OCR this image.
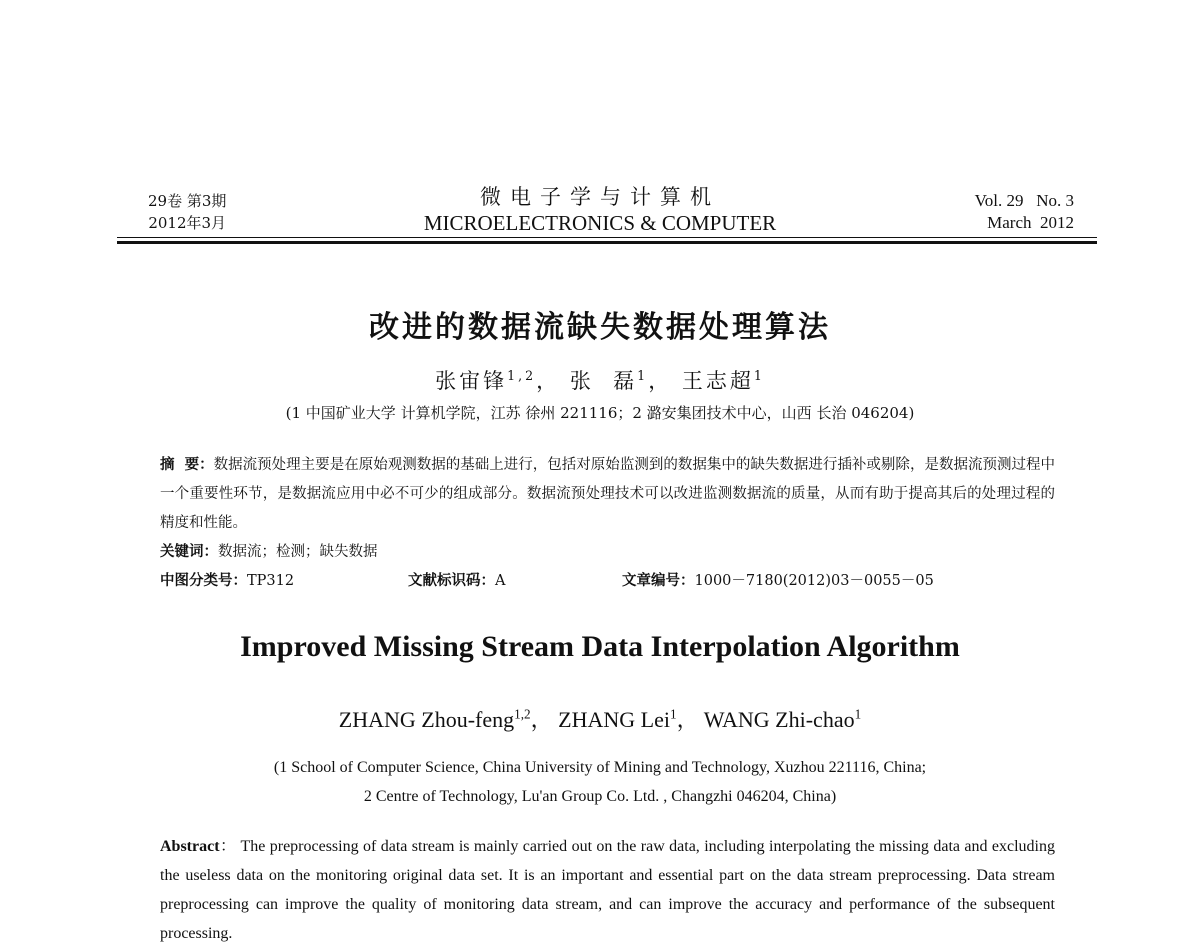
29卷 第3期
2012年3月
微电子学与计算机
MICROELECTRONICS & COMPUTER
Vol. 29   No. 3
March  2012
改进的数据流缺失数据处理算法
张宙锋$^{1,2}$， 张  磊$^1$， 王志超$^1$
(1 中国矿业大学 计算机学院，江苏 徐州 221116；2 潞安集团技术中心，山西 长治 046204)
摘  要：数据流预处理主要是在原始观测数据的基础上进行，包括对原始监测到的数据集中的缺失数据进行插补或剔除，是数据流预测过程中一个重要性环节，是数据流应用中必不可少的组成部分。数据流预处理技术可以改进监测数据流的质量，从而有助于提高其后的处理过程的精度和性能。
关键词：数据流；检测；缺失数据
中图分类号：TP312	文献标识码：A	文章编号：1000－7180(2012)03－0055－05
Improved Missing Stream Data Interpolation Algorithm
ZHANG Zhou-feng$^{1,2}$， ZHANG Lei$^1$， WANG Zhi-chao$^1$
(1 School of Computer Science, China University of Mining and Technology, Xuzhou 221116, China;
2 Centre of Technology, Lu'an Group Co. Ltd. , Changzhi 046204, China)
Abstract： The preprocessing of data stream is mainly carried out on the raw data, including interpolating the missing data and excluding the useless data on the monitoring original data set. It is an important and essential part on the data stream preprocessing. Data stream preprocessing can improve the quality of monitoring data stream, and can improve the accuracy and performance of the subsequent processing.
